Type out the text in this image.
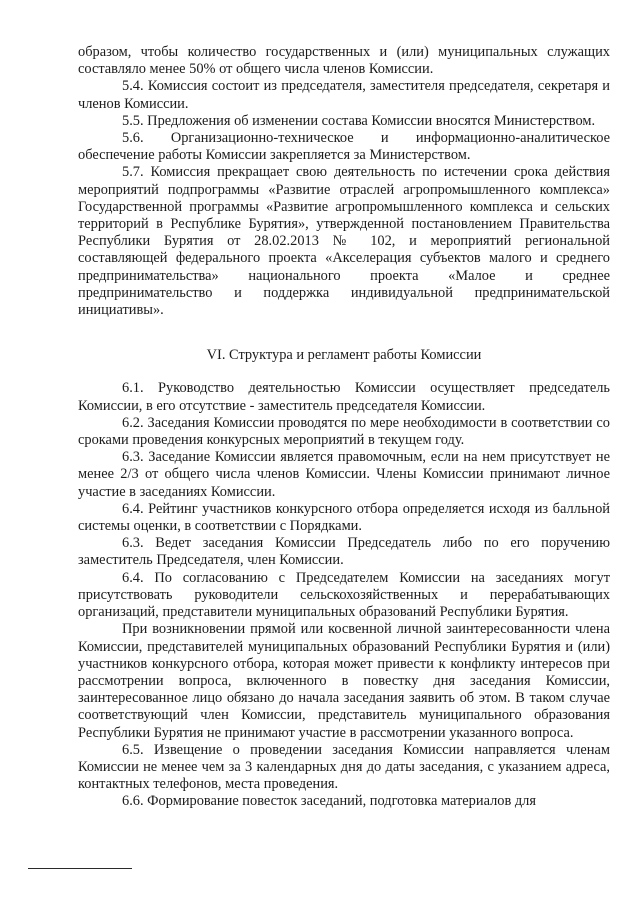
образом, чтобы количество государственных и (или) муниципальных служащих составляло менее 50% от общего числа членов Комиссии.

5.4. Комиссия состоит из председателя, заместителя председателя, секретаря и членов Комиссии.

5.5. Предложения об изменении состава Комиссии вносятся Министерством.

5.6. Организационно-техническое и информационно-аналитическое обеспечение работы Комиссии закрепляется за Министерством.

5.7. Комиссия прекращает свою деятельность по истечении срока действия мероприятий подпрограммы «Развитие отраслей агропромышленного комплекса» Государственной программы «Развитие агропромышленного комплекса и сельских территорий в Республике Бурятия», утвержденной постановлением Правительства Республики Бурятия от 28.02.2013 № 102, и мероприятий региональной составляющей федерального проекта «Акселерация субъектов малого и среднего предпринимательства» национального проекта «Малое и среднее предпринимательство и поддержка индивидуальной предпринимательской инициативы».

VI. Структура и регламент работы Комиссии

6.1. Руководство деятельностью Комиссии осуществляет председатель Комиссии, в его отсутствие - заместитель председателя Комиссии.

6.2. Заседания Комиссии проводятся по мере необходимости в соответствии со сроками проведения конкурсных мероприятий в текущем году.

6.3. Заседание Комиссии является правомочным, если на нем присутствует не менее 2/3 от общего числа членов Комиссии. Члены Комиссии принимают личное участие в заседаниях Комиссии.

6.4. Рейтинг участников конкурсного отбора определяется исходя из балльной системы оценки, в соответствии с Порядками.

6.3. Ведет заседания Комиссии Председатель либо по его поручению заместитель Председателя, член Комиссии.

6.4. По согласованию с Председателем Комиссии на заседаниях могут присутствовать руководители сельскохозяйственных и перерабатывающих организаций, представители муниципальных образований Республики Бурятия.

При возникновении прямой или косвенной личной заинтересованности члена Комиссии, представителей муниципальных образований Республики Бурятия и (или) участников конкурсного отбора, которая может привести к конфликту интересов при рассмотрении вопроса, включенного в повестку дня заседания Комиссии, заинтересованное лицо обязано до начала заседания заявить об этом. В таком случае соответствующий член Комиссии, представитель муниципального образования Республики Бурятия не принимают участие в рассмотрении указанного вопроса.

6.5. Извещение о проведении заседания Комиссии направляется членам Комиссии не менее чем за 3 календарных дня до даты заседания, с указанием адреса, контактных телефонов, места проведения.

6.6. Формирование повесток заседаний, подготовка материалов для
